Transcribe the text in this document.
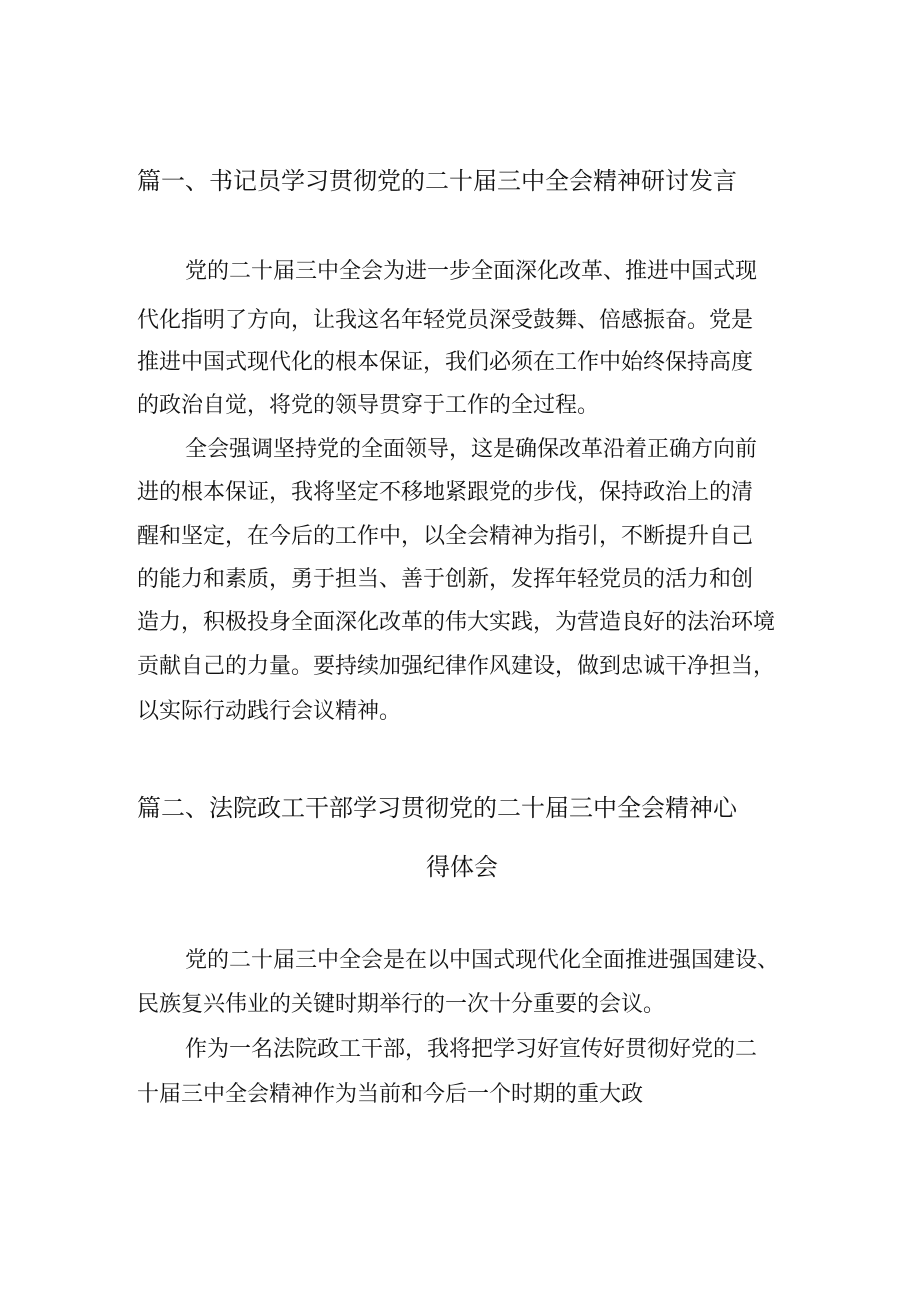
篇一、书记员学习贯彻党的二十届三中全会精神研讨发言

党的二十届三中全会为进一步全面深化改革、推进中国式现

代化指明了方向，让我这名年轻党员深受鼓舞、倍感振奋。党是

推进中国式现代化的根本保证，我们必须在工作中始终保持高度

的政治自觉，将党的领导贯穿于工作的全过程。

全会强调坚持党的全面领导，这是确保改革沿着正确方向前

进的根本保证，我将坚定不移地紧跟党的步伐，保持政治上的清

醒和坚定，在今后的工作中，以全会精神为指引，不断提升自己

的能力和素质，勇于担当、善于创新，发挥年轻党员的活力和创

造力，积极投身全面深化改革的伟大实践，为营造良好的法治环境

贡献自己的力量。要持续加强纪律作风建设，做到忠诚干净担当，

以实际行动践行会议精神。

篇二、法院政工干部学习贯彻党的二十届三中全会精神心
得体会

党的二十届三中全会是在以中国式现代化全面推进强国建设、

民族复兴伟业的关键时期举行的一次十分重要的会议。

作为一名法院政工干部，我将把学习好宣传好贯彻好党的二

十届三中全会精神作为当前和今后一个时期的重大政
